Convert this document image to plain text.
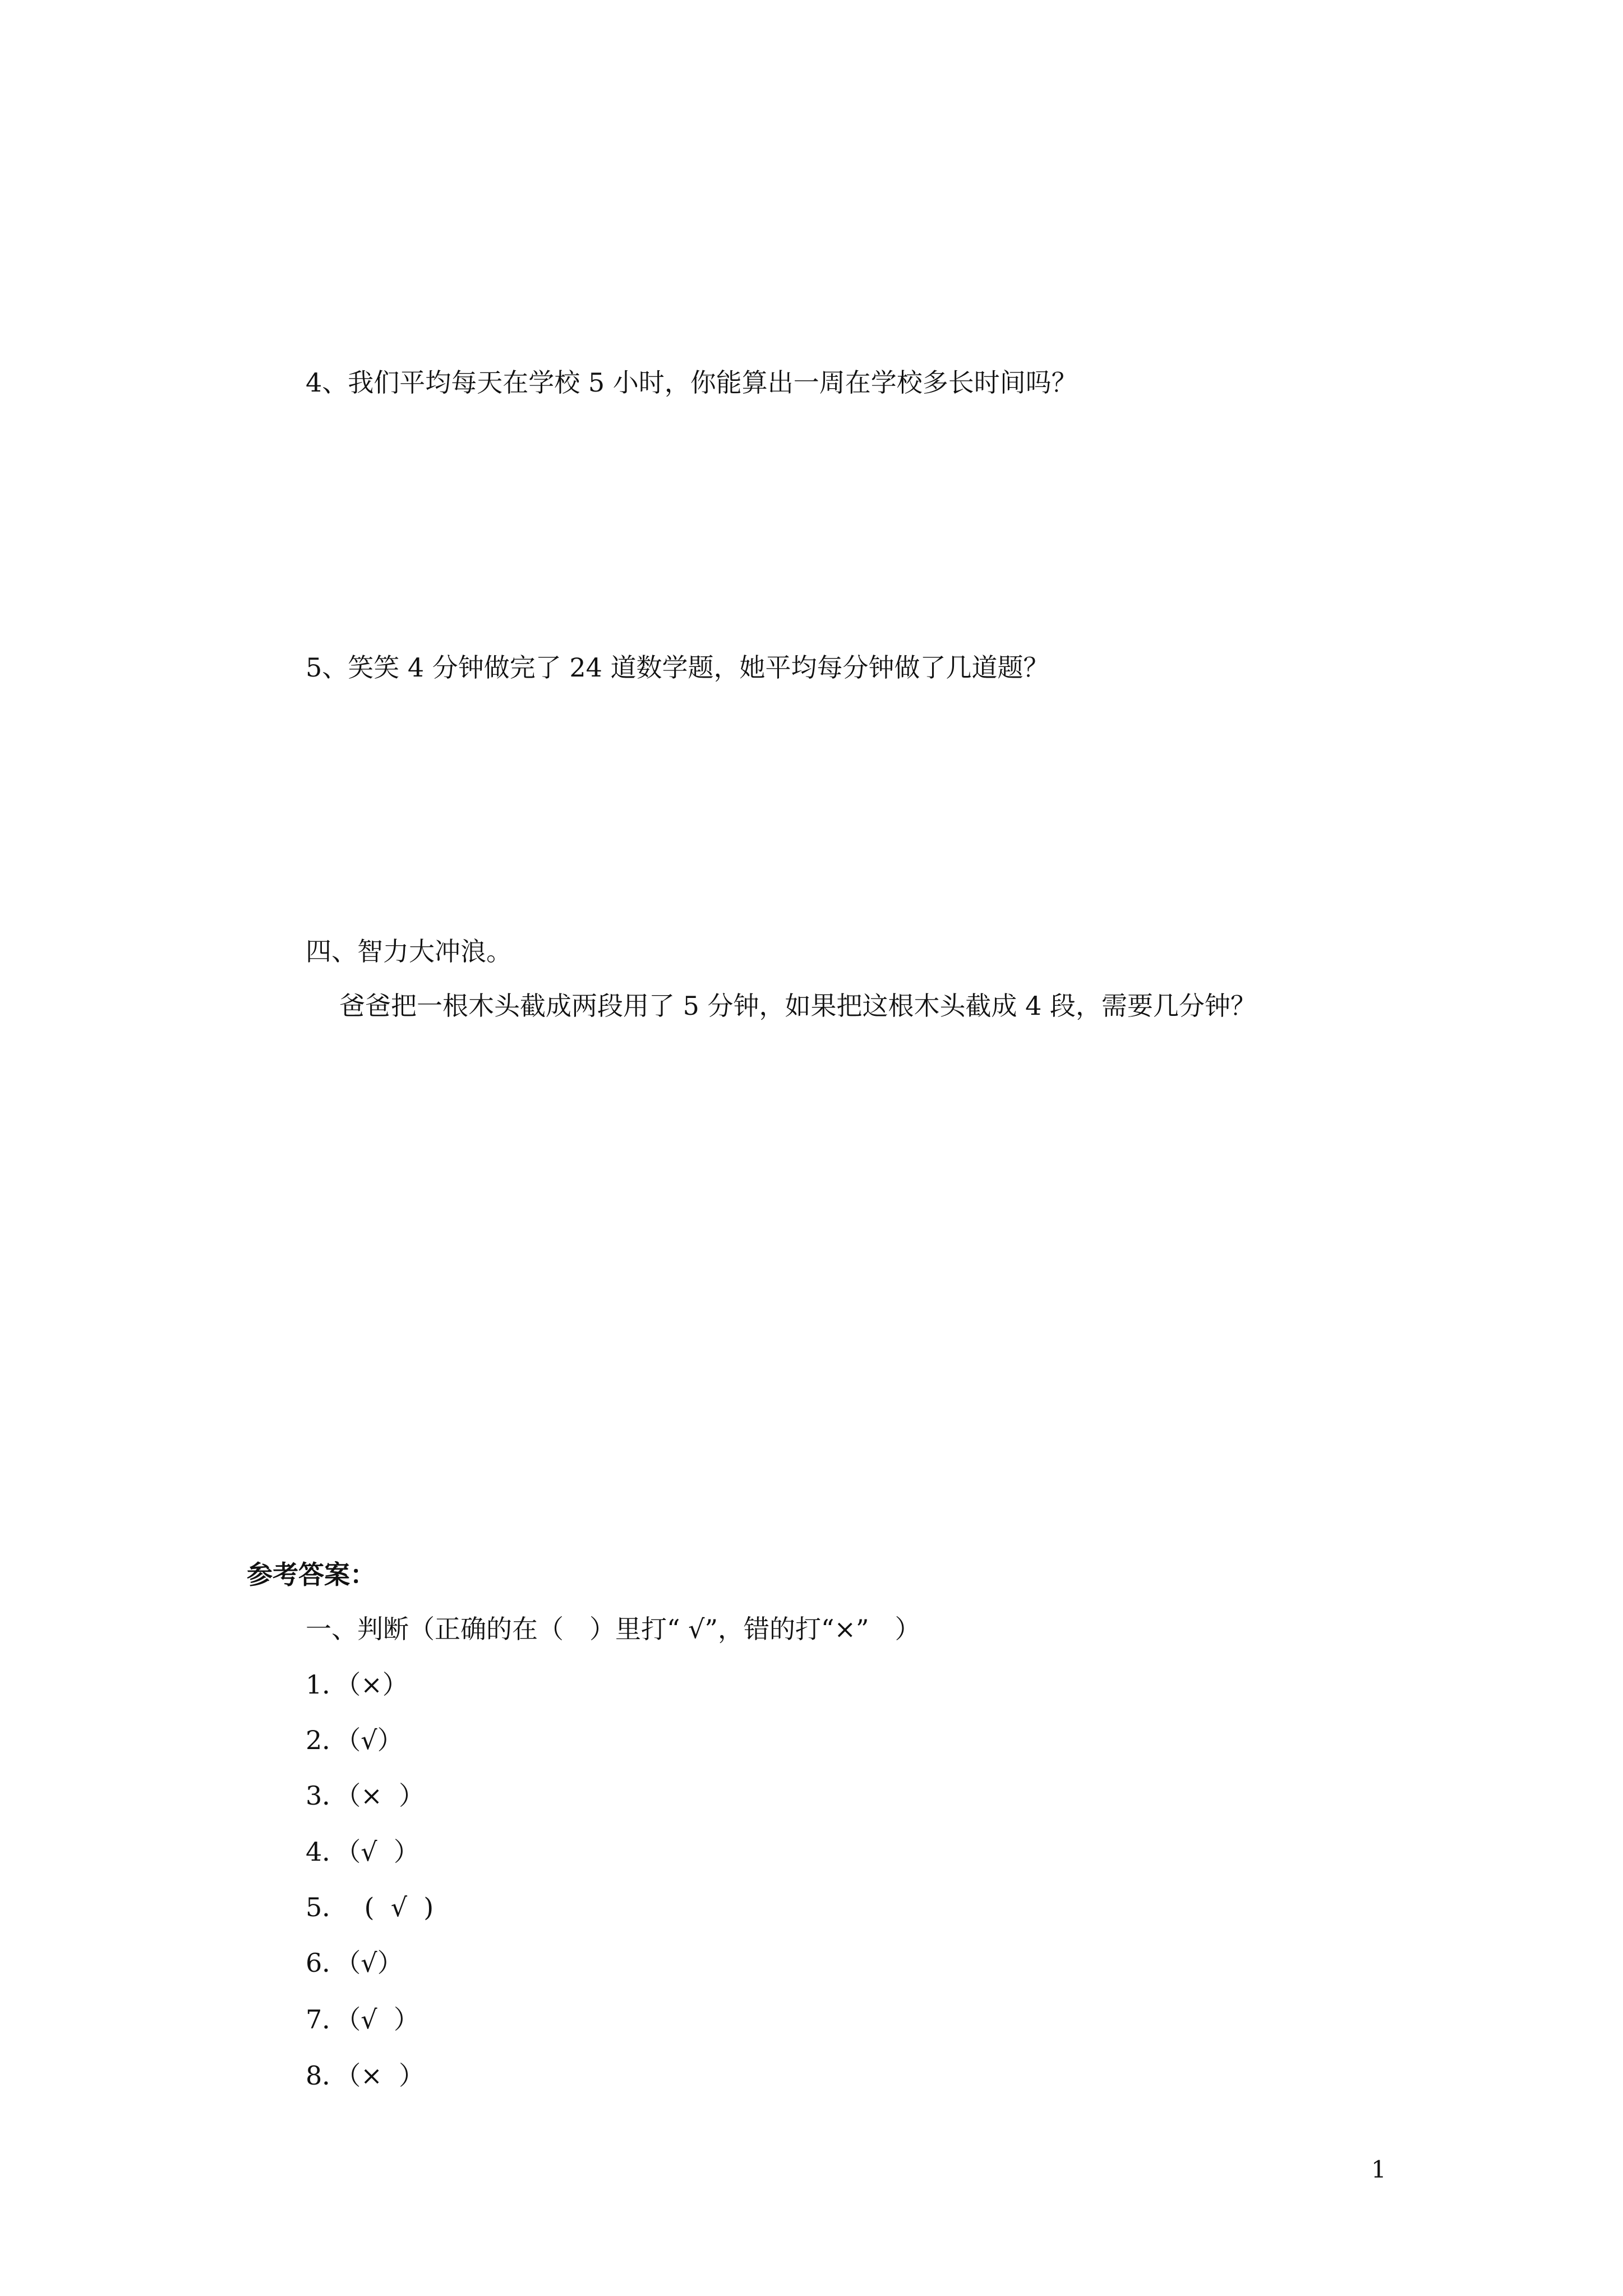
4、我们平均每天在学校 5 小时，你能算出一周在学校多长时间吗？
5、笑笑 4 分钟做完了 24 道数学题，她平均每分钟做了几道题？
四、智力大冲浪。
爸爸把一根木头截成两段用了 5 分钟，如果把这根木头截成 4 段，需要几分钟？
参考答案：
一、判断（正确的在（　）里打“ √”，错的打“×”　）
1．（×）
2．（√）
3．（×  ）
4．（√  ）
5．  (  √  )
6．（√）
7．（√  ）
8．（×  ）
1
